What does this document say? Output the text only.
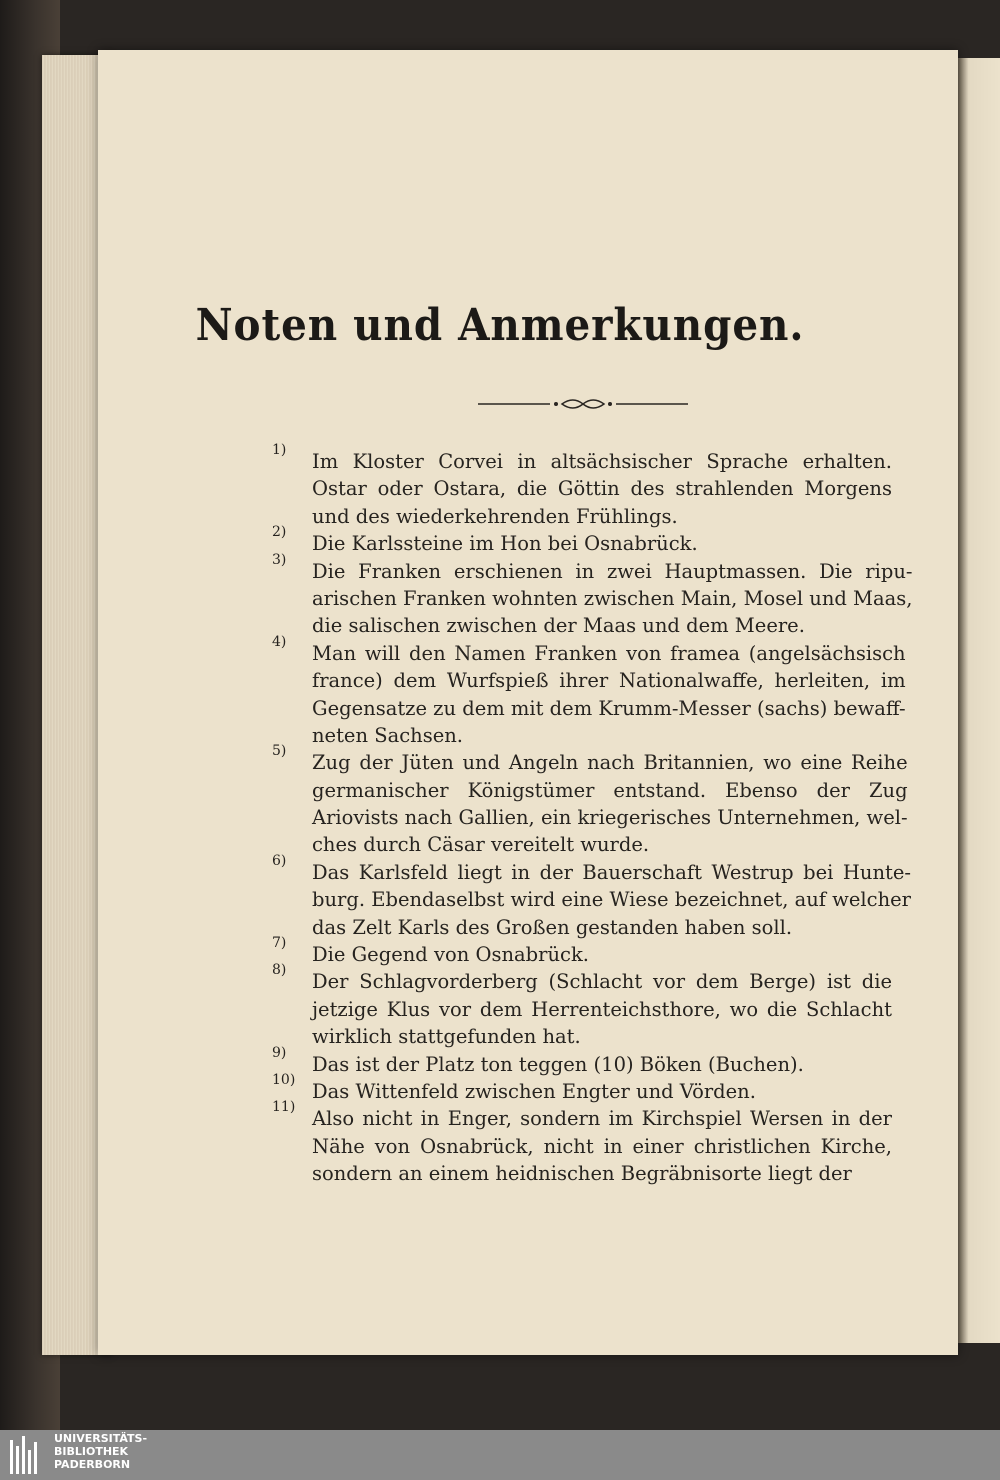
Noten und Anmerkungen.
1)	Im Kloster Corvei in altsächsischer Sprache erhalten.
Ostar oder Ostara, die Göttin des strahlenden Morgens
und des wiederkehrenden Frühlings.
2)	Die Karlssteine im Hon bei Osnabrück.
3)	Die Franken erschienen in zwei Hauptmassen. Die ripu-
arischen Franken wohnten zwischen Main, Mosel und Maas,
die salischen zwischen der Maas und dem Meere.
4)	Man will den Namen Franken von framea (angelsächsisch
france) dem Wurfspieß ihrer Nationalwaffe, herleiten, im
Gegensatze zu dem mit dem Krumm-Messer (sachs) bewaff-
neten Sachsen.
5)	Zug der Jüten und Angeln nach Britannien, wo eine Reihe
germanischer Königstümer entstand. Ebenso der Zug
Ariovists nach Gallien, ein kriegerisches Unternehmen, wel-
ches durch Cäsar vereitelt wurde.
6)	Das Karlsfeld liegt in der Bauerschaft Westrup bei Hunte-
burg. Ebendaselbst wird eine Wiese bezeichnet, auf welcher
das Zelt Karls des Großen gestanden haben soll.
7)	Die Gegend von Osnabrück.
8)	Der Schlagvorderberg (Schlacht vor dem Berge) ist die
jetzige Klus vor dem Herrenteichsthore, wo die Schlacht
wirklich stattgefunden hat.
9)	Das ist der Platz ton teggen (10) Böken (Buchen).
10) Das Wittenfeld zwischen Engter und Vörden.
11) Also nicht in Enger, sondern im Kirchspiel Wersen in der
Nähe von Osnabrück, nicht in einer christlichen Kirche,
sondern an einem heidnischen Begräbnisorte liegt der
UNIVERSITÄTS-
BIBLIOTHEK
PADERBORN
